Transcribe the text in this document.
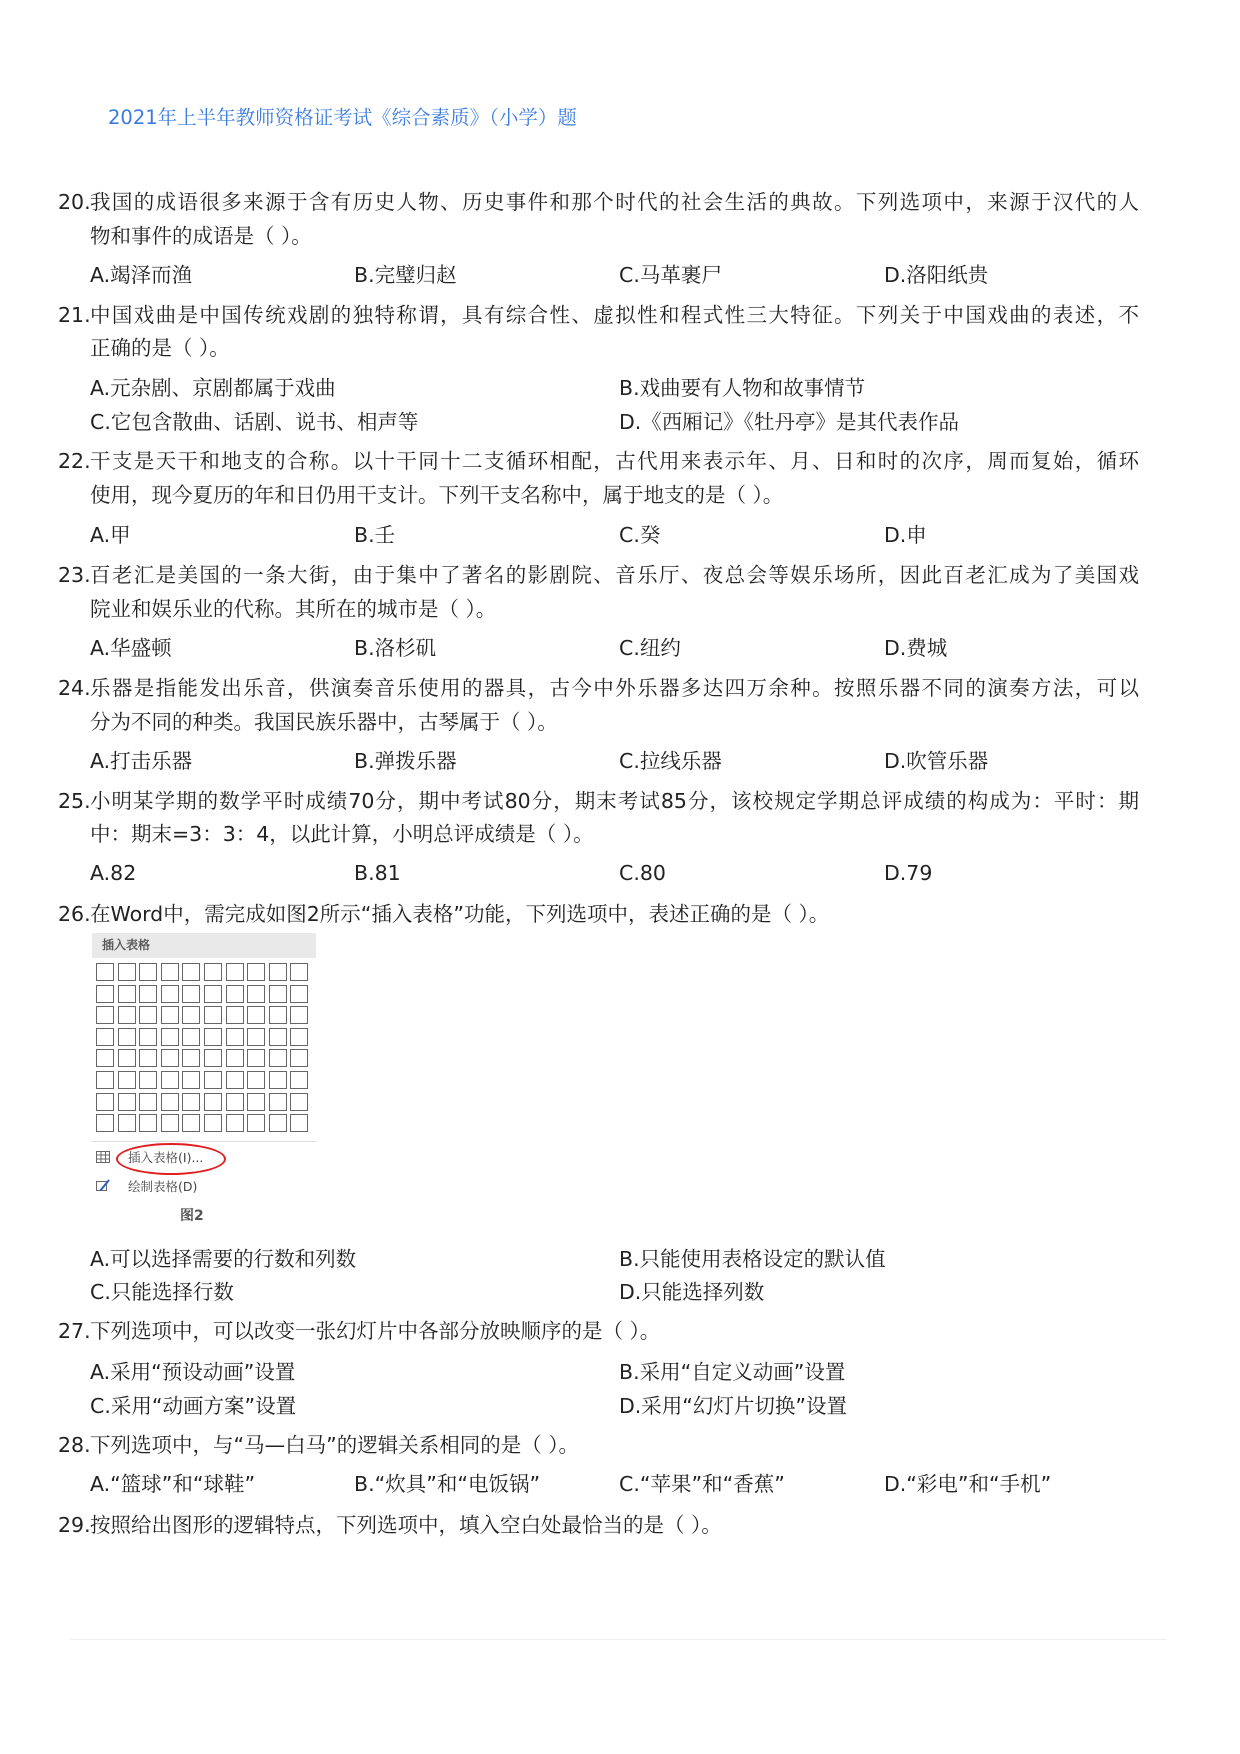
2021年上半年教师资格证考试《综合素质》（小学）题
20. 我国的成语很多来源于含有历史人物、历史事件和那个时代的社会生活的典故。下列选项中，来源于汉代的人
物和事件的成语是（ ）。
A.竭泽而渔	B.完璧归赵	C.马革裹尸	D.洛阳纸贵
21. 中国戏曲是中国传统戏剧的独特称谓，具有综合性、虚拟性和程式性三大特征。下列关于中国戏曲的表述，不
正确的是（ ）。
A.元杂剧、京剧都属于戏曲	B.戏曲要有人物和故事情节
C.它包含散曲、话剧、说书、相声等	D.《西厢记》《牡丹亭》是其代表作品
22. 干支是天干和地支的合称。以十干同十二支循环相配，古代用来表示年、月、日和时的次序，周而复始，循环
使用，现今夏历的年和日仍用干支计。下列干支名称中，属于地支的是（ ）。
A.甲	B.壬	C.癸	D.申
23. 百老汇是美国的一条大街，由于集中了著名的影剧院、音乐厅、夜总会等娱乐场所，因此百老汇成为了美国戏
院业和娱乐业的代称。其所在的城市是（ ）。
A.华盛顿	B.洛杉矶	C.纽约	D.费城
24. 乐器是指能发出乐音，供演奏音乐使用的器具，古今中外乐器多达四万余种。按照乐器不同的演奏方法，可以
分为不同的种类。我国民族乐器中，古琴属于（ ）。
A.打击乐器	B.弹拨乐器	C.拉线乐器	D.吹管乐器
25. 小明某学期的数学平时成绩70分，期中考试80分，期末考试85分，该校规定学期总评成绩的构成为：平时：期
中：期末=3：3：4，以此计算，小明总评成绩是（ ）。
A.82	B.81	C.80	D.79
26. 在Word中，需完成如图2所示“插入表格”功能，下列选项中，表述正确的是（ ）。
A.可以选择需要的行数和列数	B.只能使用表格设定的默认值
C.只能选择行数	D.只能选择列数
27. 下列选项中，可以改变一张幻灯片中各部分放映顺序的是（ ）。
A.采用“预设动画”设置	B.采用“自定义动画”设置
C.采用“动画方案”设置	D.采用“幻灯片切换”设置
28. 下列选项中，与“马—白马”的逻辑关系相同的是（ ）。
A.“篮球”和“球鞋”	B.“炊具”和“电饭锅”	C.“苹果”和“香蕉”	D.“彩电”和“手机”
29. 按照给出图形的逻辑特点，下列选项中，填入空白处最恰当的是（ ）。
插入表格
插入表格(I)...
绘制表格(D)
图2
